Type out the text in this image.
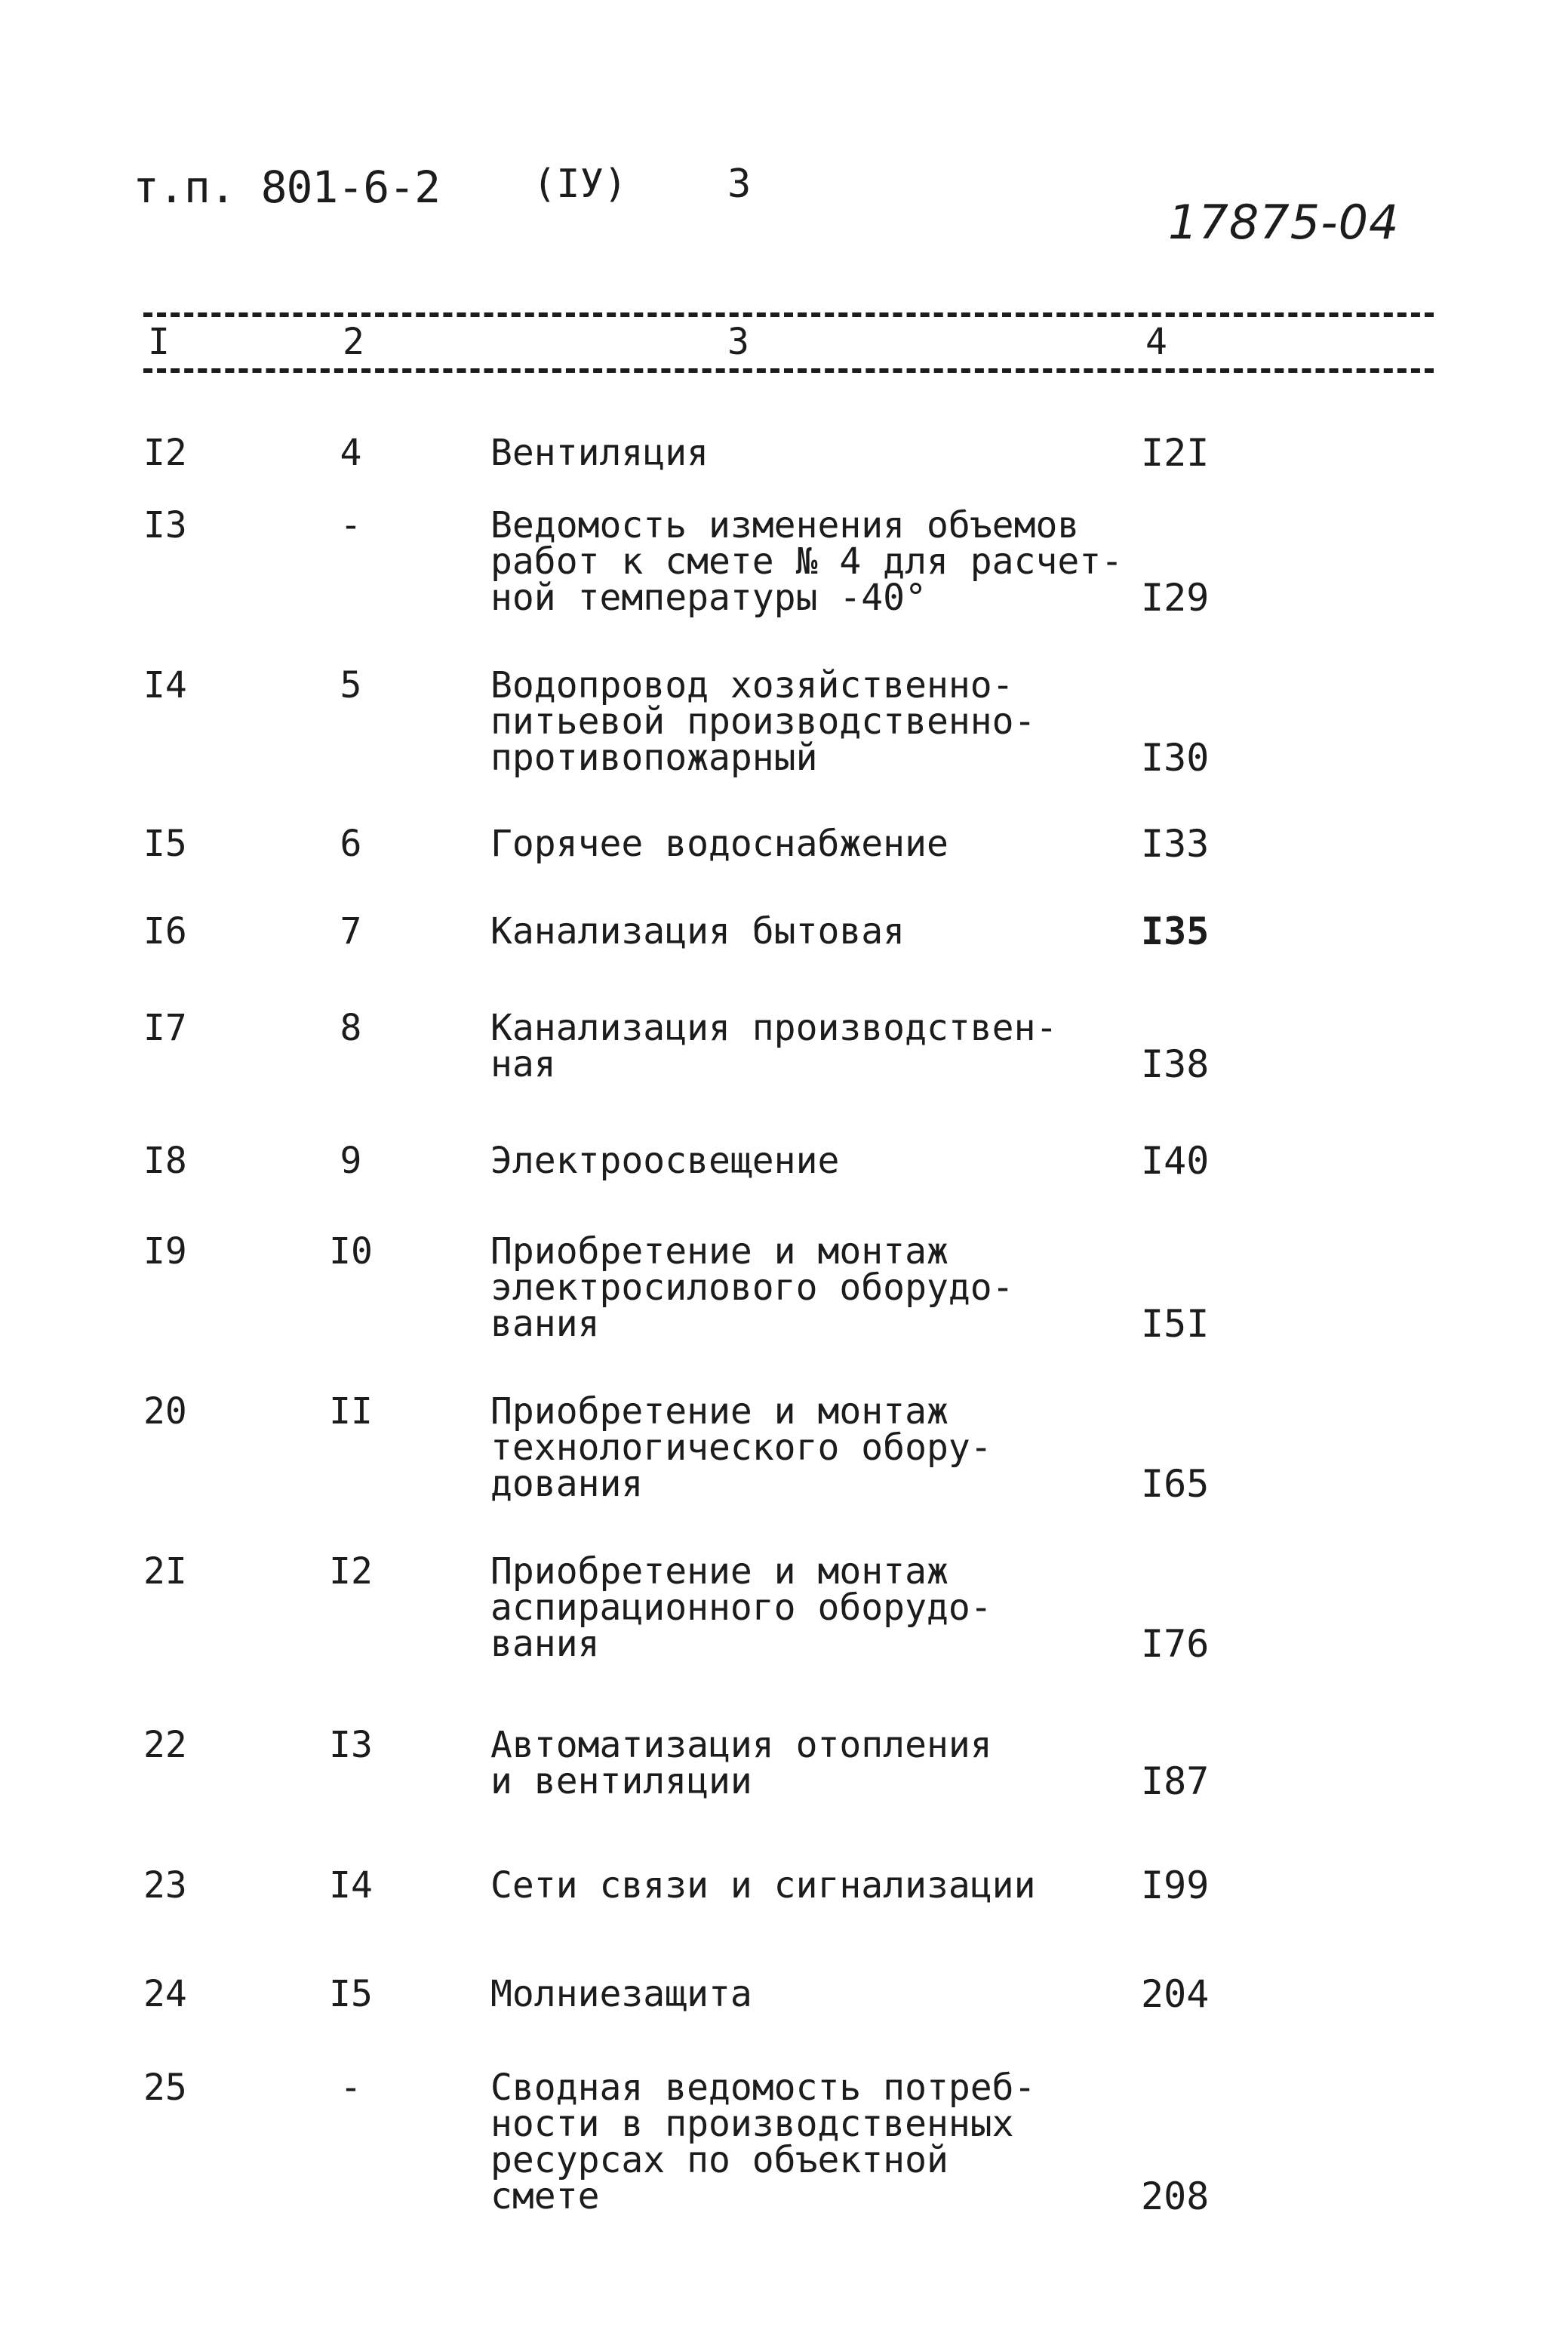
т.п. 801-6-2 (IУ)	3
17875-04
I	2	3	4
I2	4	Вентиляция	I2I
I3	-	Ведомость изменения объемов
работ к смете № 4 для расчет-
ной температуры -40°	I29
I4	5	Водопровод хозяйственно-
питьевой производственно-
противопожарный	I30
I5	6	Горячее водоснабжение	I33
I6	7	Канализация бытовая	I35
I7	8	Канализация производствен-
ная	I38
I8	9	Электроосвещение	I40
I9	I0	Приобретение и монтаж
электросилового оборудо-
вания	I5I
20	II	Приобретение и монтаж
технологического обору-
дования	I65
2I	I2	Приобретение и монтаж
аспирационного оборудо-
вания	I76
22	I3	Автоматизация отопления
и вентиляции	I87
23	I4	Сети связи и сигнализации	I99
24	I5	Молниезащита	204
25	-	Сводная ведомость потреб-
ности в производственных
ресурсах по объектной
смете	208
